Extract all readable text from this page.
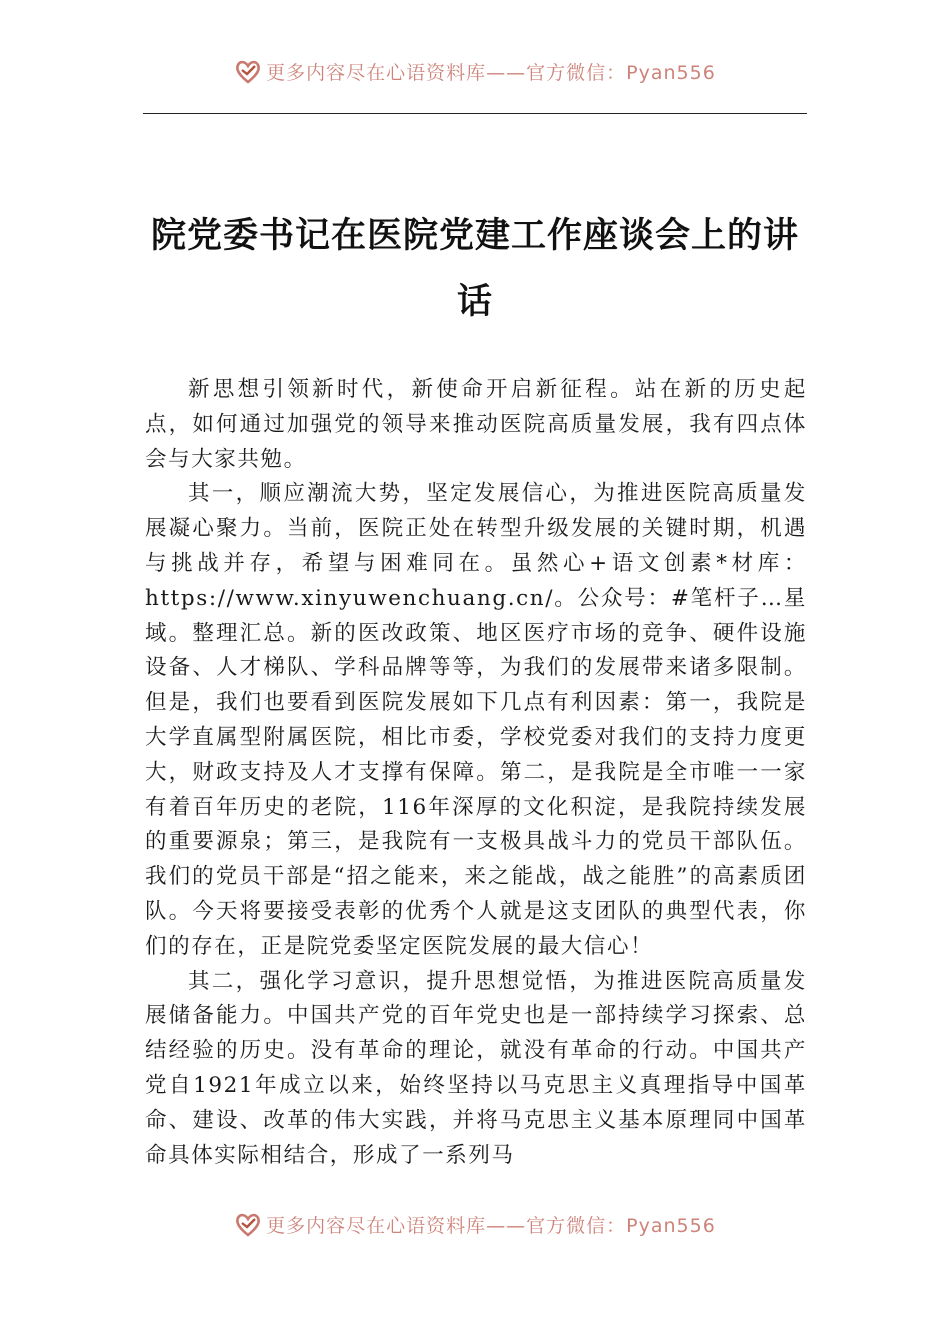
更多内容尽在心语资料库——官方微信：Pyan556
院党委书记在医院党建工作座谈会上的讲话

新思想引领新时代，新使命开启新征程。站在新的历史起点，如何通过加强党的领导来推动医院高质量发展，我有四点体会与大家共勉。

其一，顺应潮流大势，坚定发展信心，为推进医院高质量发展凝心聚力。当前，医院正处在转型升级发展的关键时期，机遇与挑战并存，希望与困难同在。虽然心+语文创素*材库：https://www.xinyuwenchuang.cn/。公众号：#笔杆子…星域。整理汇总。新的医改政策、地区医疗市场的竞争、硬件设施设备、人才梯队、学科品牌等等，为我们的发展带来诸多限制。但是，我们也要看到医院发展如下几点有利因素：第一，我院是大学直属型附属医院，相比市委，学校党委对我们的支持力度更大，财政支持及人才支撑有保障。第二，是我院是全市唯一一家有着百年历史的老院，116年深厚的文化积淀，是我院持续发展的重要源泉；第三，是我院有一支极具战斗力的党员干部队伍。我们的党员干部是“招之能来，来之能战，战之能胜”的高素质团队。今天将要接受表彰的优秀个人就是这支团队的典型代表，你们的存在，正是院党委坚定医院发展的最大信心！

其二，强化学习意识，提升思想觉悟，为推进医院高质量发展储备能力。中国共产党的百年党史也是一部持续学习探索、总结经验的历史。没有革命的理论，就没有革命的行动。中国共产党自1921年成立以来，始终坚持以马克思主义真理指导中国革命、建设、改革的伟大实践，并将马克思主义基本原理同中国革命具体实际相结合，形成了一系列马

更多内容尽在心语资料库——官方微信：Pyan556
